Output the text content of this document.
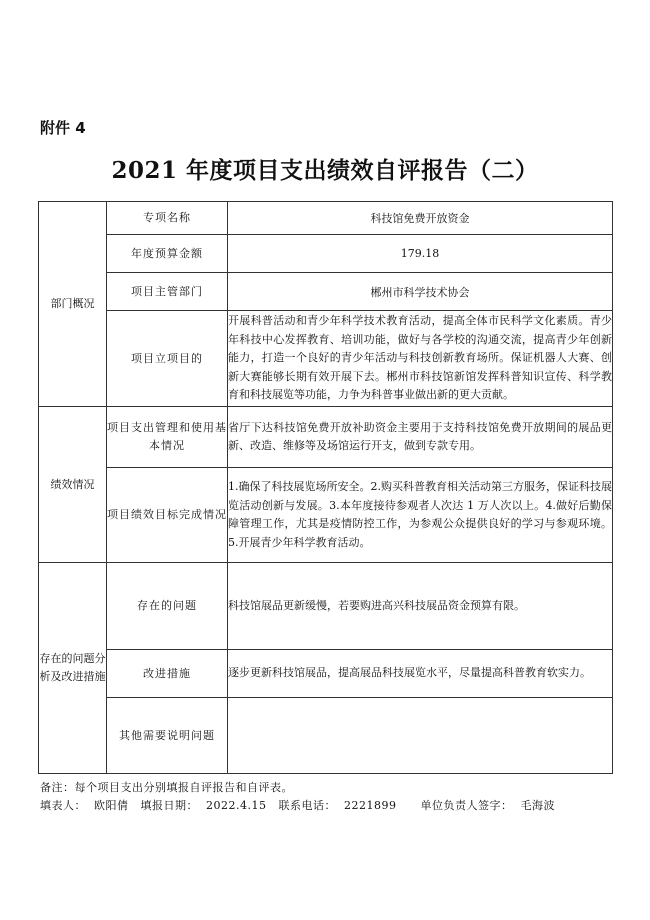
附件 4
2021 年度项目支出绩效自评报告（二）
部门概况	专项名称	科技馆免费开放资金
	年度预算金额	179.18
	项目主管部门	郴州市科学技术协会
	项目立项目的	开展科普活动和青少年科学技术教育活动，提高全体市民科学文化素质。青少年科技中心发挥教育、培训功能，做好与各学校的沟通交流，提高青少年创新能力，打造一个良好的青少年活动与科技创新教育场所。保证机器人大赛、创新大赛能够长期有效开展下去。郴州市科技馆新馆发挥科普知识宣传、科学教育和科技展览等功能，力争为科普事业做出新的更大贡献。
绩效情况	项目支出管理和使用基本情况	省厅下达科技馆免费开放补助资金主要用于支持科技馆免费开放期间的展品更新、改造、维修等及场馆运行开支，做到专款专用。
	项目绩效目标完成情况	1.确保了科技展览场所安全。2.购买科普教育相关活动第三方服务，保证科技展览活动创新与发展。3.本年度接待参观者人次达 1 万人次以上。4.做好后勤保障管理工作，尤其是疫情防控工作，为参观公众提供良好的学习与参观环境。5.开展青少年科学教育活动。
存在的问题分析及改进措施	存在的问题	科技馆展品更新缓慢，若要购进高兴科技展品资金预算有限。
	改进措施	逐步更新科技馆展品，提高展品科技展览水平，尽量提高科普教育软实力。
	其他需要说明问题	
备注：每个项目支出分别填报自评报告和自评表。
填表人： 欧阳倩 填报日期： 2022.4.15 联系电话： 2221899 单位负责人签字： 毛海波
